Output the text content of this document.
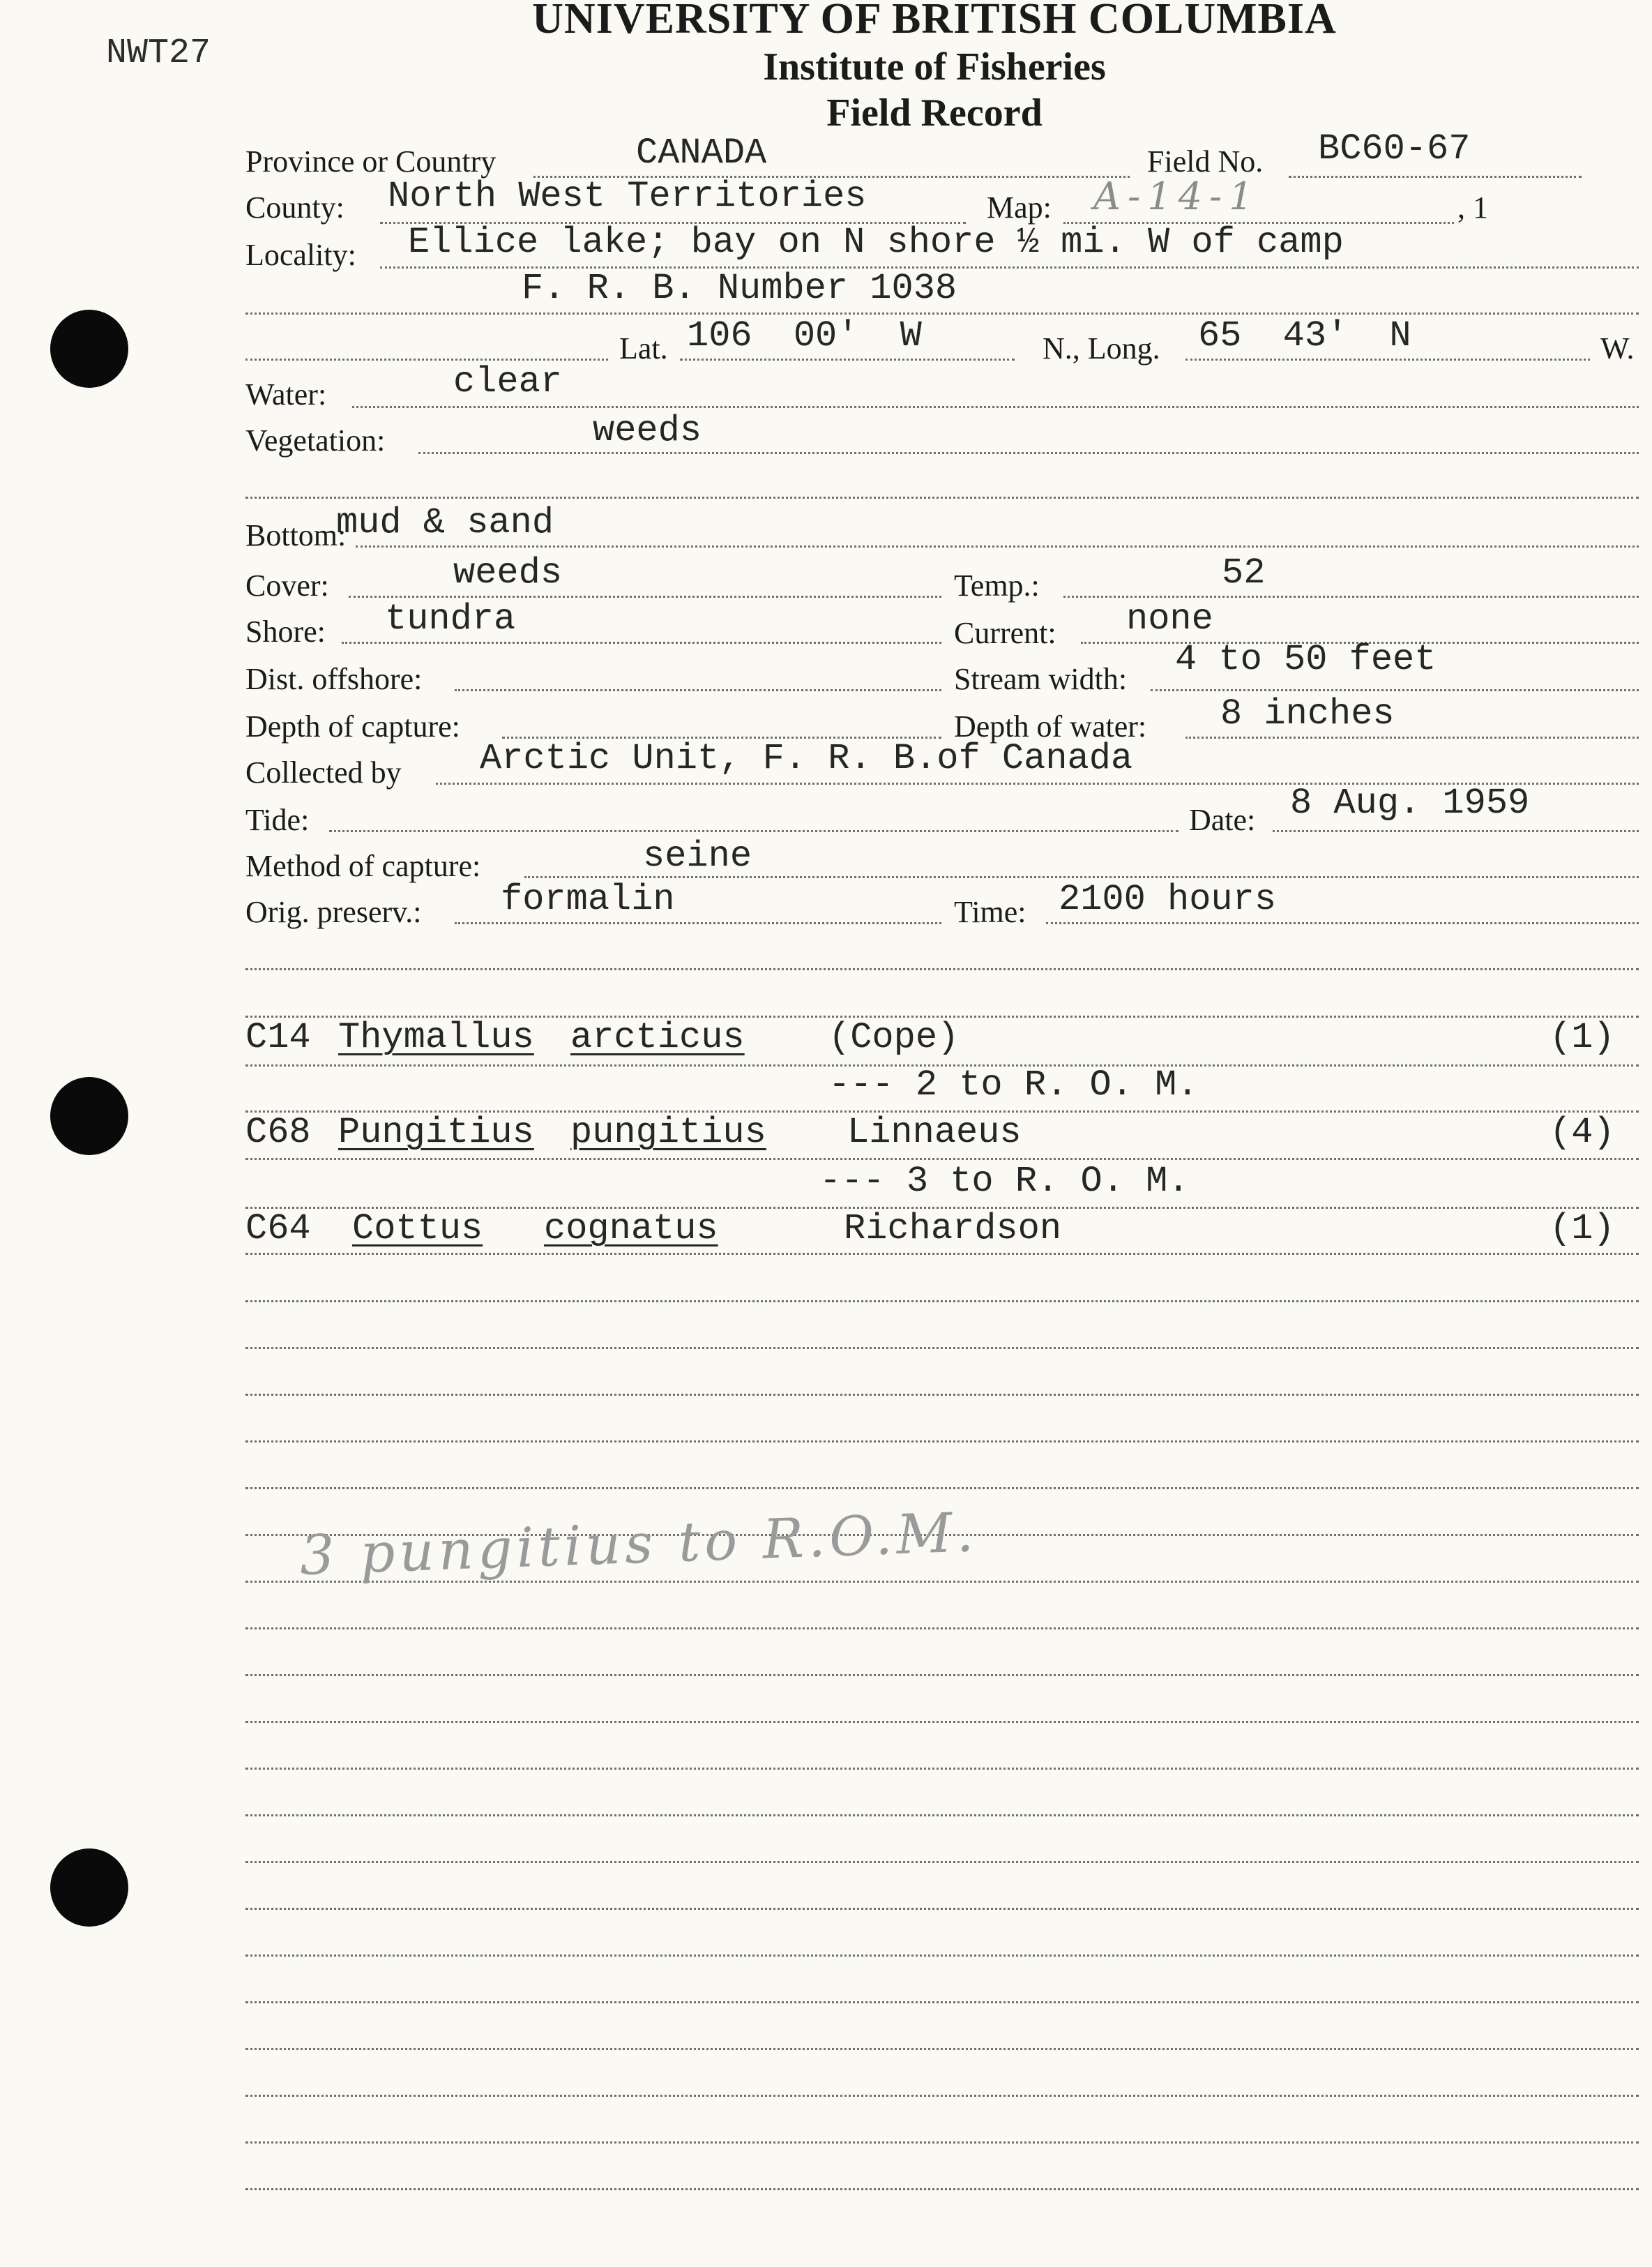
NWT27
UNIVERSITY OF BRITISH COLUMBIA
Institute of Fisheries
Field Record
Province or Country	CANADA	Field No. BC60-67
County: North West Territories	Map: A-14-1	, 1
Locality: Ellice lake; bay on N shore ½ mi. W of camp
F. R. B. Number 1038
Lat. 106 00' W	N., Long. 65 43' N	W.
Water:	clear
Vegetation:	weeds
Bottom:
mud & sand
Cover:	weeds	Temp.:	52
Shore: tundra	Current: none
Dist. offshore:	Stream width: 4 to 50 feet
Depth of capture:	Depth of water: 8 inches
Collected by Arctic Unit, F. R. B.of Canada
Tide:	Date: 8 Aug. 1959
Method of capture:	seine
Orig. preserv.: formalin	Time: 2100 hours
C14 Thymallus arcticus (Cope)	(1)
--- 2 to R. O. M.
C68 Pungitius pungitius Linnaeus	(4)
--- 3 to R. O. M.
C64 Cottus cognatus	Richardson	(1)
3 pungitius to R.O.M.
